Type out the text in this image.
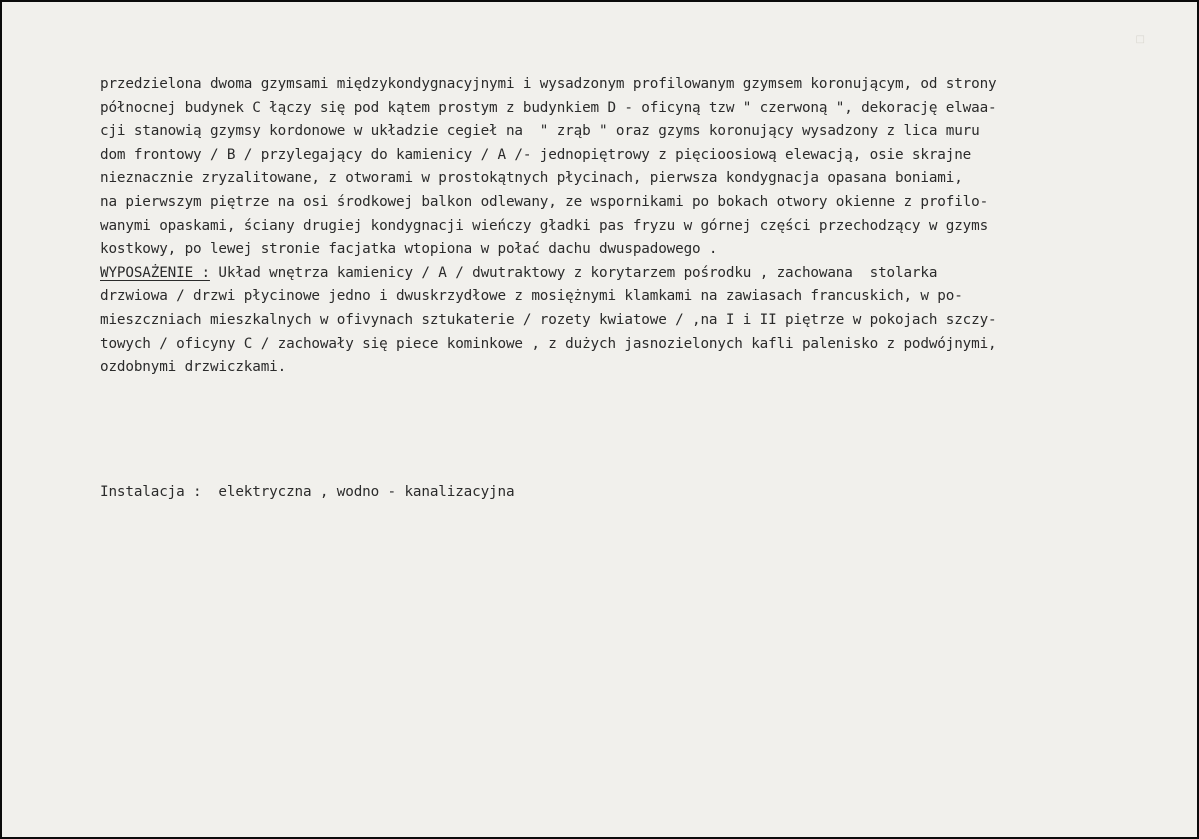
□
przedzielona dwoma gzymsami międzykondygnacyjnymi i wysadzonym profilowanym gzymsem koronującym, od strony
północnej budynek C łączy się pod kątem prostym z budynkiem D - oficyną tzw " czerwoną ", dekorację elwaa-
cji stanowią gzymsy kordonowe w układzie cegieł na  " zrąb " oraz gzyms koronujący wysadzony z lica muru
dom frontowy / B / przylegający do kamienicy / A /- jednopiętrowy z pięcioosiową elewacją, osie skrajne
nieznacznie zryzalitowane, z otworami w prostokątnych płycinach, pierwsza kondygnacja opasana boniami,
na pierwszym piętrze na osi środkowej balkon odlewany, ze wspornikami po bokach otwory okienne z profilo-
wanymi opaskami, ściany drugiej kondygnacji wieńczy gładki pas fryzu w górnej części przechodzący w gzyms
kostkowy, po lewej stronie facjatka wtopiona w połać dachu dwuspadowego .
WYPOSAŻENIE : Układ wnętrza kamienicy / A / dwutraktowy z korytarzem pośrodku , zachowana  stolarka
drzwiowa / drzwi płycinowe jedno i dwuskrzydłowe z mosiężnymi klamkami na zawiasach francuskich, w po-
mieszczniach mieszkalnych w ofivynach sztukaterie / rozety kwiatowe / ,na I i II piętrze w pokojach szczy-
towych / oficyny C / zachowały się piece kominkowe , z dużych jasnozielonych kafli palenisko z podwójnymi,
ozdobnymi drzwiczkami.
Instalacja :  elektryczna , wodno - kanalizacyjna
